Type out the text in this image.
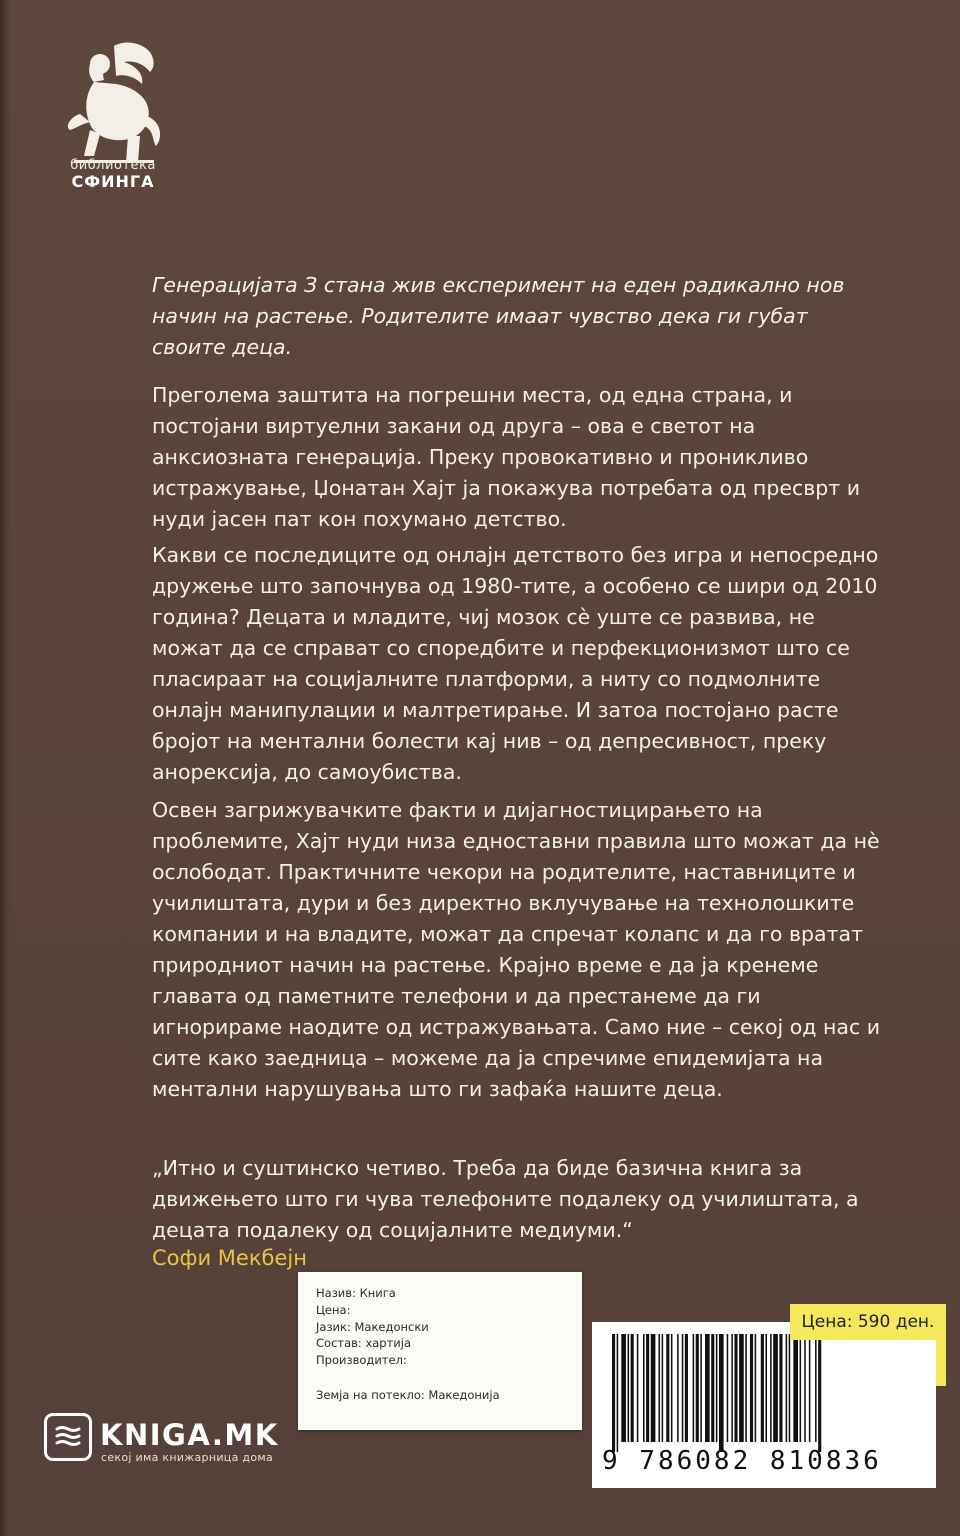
библиотека
СФИНГА

Генерацијата З стана жив експеримент на еден радикално нов начин на растење. Родителите имаат чувство дека ги губат своите деца.

Преголема заштита на погрешни места, од една страна, и постојани виртуелни закани од друга – ова е светот на анксиозната генерација. Преку провокативно и проникливо истражување, Џонатан Хајт ја покажува потребата од пресврт и нуди јасен пат кон похумано детство.

Какви се последиците од онлајн детството без игра и непосредно дружење што започнува од 1980-тите, а особено се шири од 2010 година? Децата и младите, чиј мозок сè уште се развива, не можат да се справат со споредбите и перфекционизмот што се пласираат на социјалните платформи, а ниту со подмолните онлајн манипулации и малтретирање. И затоа постојано расте бројот на ментални болести кај нив – од депресивност, преку анорексија, до самоубиства.

Освен загрижувачките факти и дијагностицирањето на проблемите, Хајт нуди низа едноставни правила што можат да нè ослободат. Практичните чекори на родителите, наставниците и училиштата, дури и без директно вклучување на технолошките компании и на владите, можат да спречат колапс и да го вратат природниот начин на растење. Крајно време е да ја кренеме главата од паметните телефони и да престанеме да ги игнорираме наодите од истражувањата. Само ние – секој од нас и сите како заедница – можеме да ја спречиме епидемијата на ментални нарушувања што ги зафаќа нашите деца.

„Итно и суштинско четиво. Треба да биде базична книга за движењето што ги чува телефоните подалеку од училиштата, а децата подалеку од социјалните медиуми.“

Софи Мекбејн
Назив: Книга
Цена:
Јазик: Македонски
Состав: хартија
Производител:
Земја на потекло: Македонија
9 786082 810836
Цена: 590 ден.
KNIGA.MK
секој има книжарница дома
